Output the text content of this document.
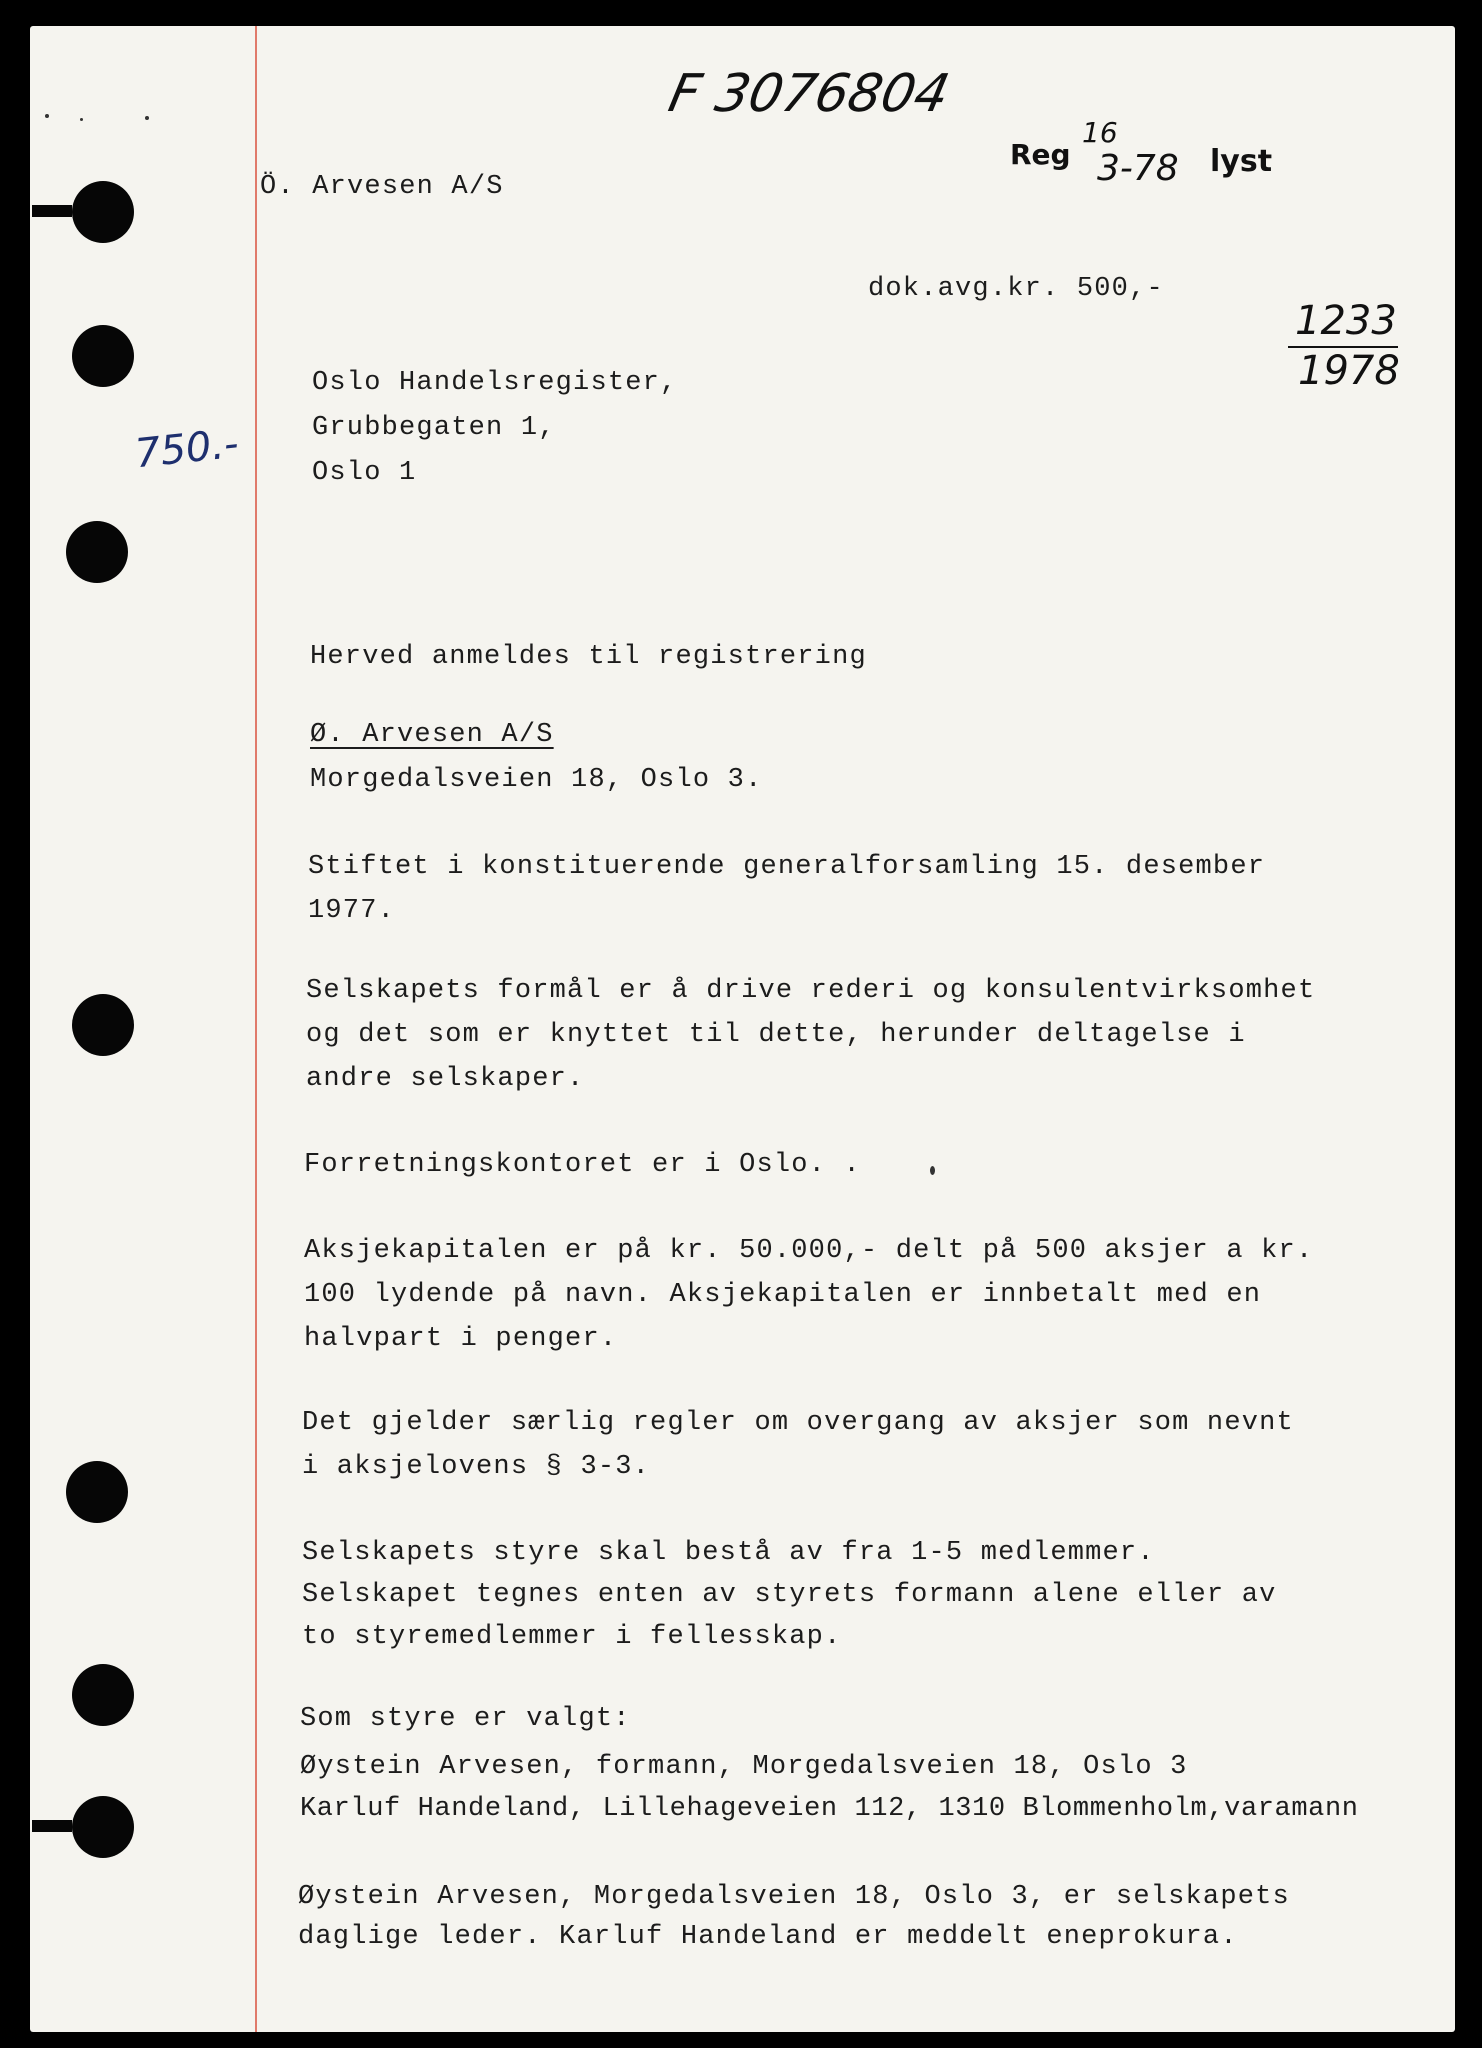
F 3076804
Reg
16
3-78 lyst
1233
1978
750.-
Ö. Arvesen A/S
dok.avg.kr. 500,-
Oslo Handelsregister,
Grubbegaten 1,
Oslo 1
Herved anmeldes til registrering
Ø. Arvesen A/S
Morgedalsveien 18, Oslo 3.
Stiftet i konstituerende generalforsamling 15. desember
1977.
Selskapets formål er å drive rederi og konsulentvirksomhet
og det som er knyttet til dette, herunder deltagelse i
andre selskaper.
Forretningskontoret er i Oslo. .
Aksjekapitalen er på kr. 50.000,- delt på 500 aksjer a kr.
100 lydende på navn. Aksjekapitalen er innbetalt med en
halvpart i penger.
Det gjelder særlig regler om overgang av aksjer som nevnt
i aksjelovens § 3-3.
Selskapets styre skal bestå av fra 1-5 medlemmer.
Selskapet tegnes enten av styrets formann alene eller av
to styremedlemmer i fellesskap.
Som styre er valgt:
Øystein Arvesen, formann, Morgedalsveien 18, Oslo 3
Karluf Handeland, Lillehageveien 112, 1310 Blommenholm,varamann
Øystein Arvesen, Morgedalsveien 18, Oslo 3, er selskapets
daglige leder. Karluf Handeland er meddelt eneprokura.
